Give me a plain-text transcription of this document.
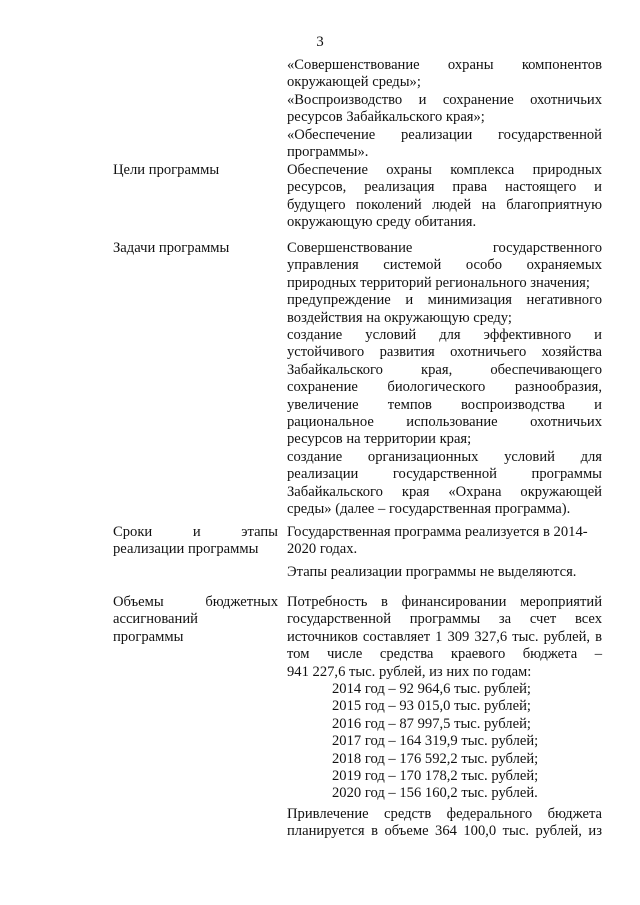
3
«Совершенствование охраны компонентов
окружающей среды»;
«Воспроизводство и сохранение охотничьих
ресурсов Забайкальского края»;
«Обеспечение реализации государственной
программы».
Цели программы	Обеспечение охраны комплекса природных
ресурсов, реализация права настоящего и
будущего поколений людей на благоприятную
окружающую среду обитания.
Задачи программы	Совершенствование государственного
управления системой особо охраняемых
природных территорий регионального значения;
предупреждение и минимизация негативного
воздействия на окружающую среду;
создание условий для эффективного и
устойчивого развития охотничьего хозяйства
Забайкальского края, обеспечивающего
сохранение биологического разнообразия,
увеличение темпов воспроизводства и
рациональное использование охотничьих
ресурсов на территории края;
создание организационных условий для
реализации государственной программы
Забайкальского края «Охрана окружающей
среды» (далее – государственная программа).
Сроки и этапы
реализации программы
Государственная программа реализуется в 2014-
2020 годах.
Этапы реализации программы не выделяются.
Объемы бюджетных
ассигнований
программы
Потребность в финансировании мероприятий
государственной программы за счет всех
источников составляет 1 309 327,6 тыс. рублей, в
том числе средства краевого бюджета –
941 227,6 тыс. рублей, из них по годам:
2014 год – 92 964,6 тыс. рублей;
2015 год – 93 015,0 тыс. рублей;
2016 год – 87 997,5 тыс. рублей;
2017 год – 164 319,9 тыс. рублей;
2018 год – 176 592,2 тыс. рублей;
2019 год – 170 178,2 тыс. рублей;
2020 год – 156 160,2 тыс. рублей.
Привлечение средств федерального бюджета
планируется в объеме 364 100,0 тыс. рублей, из
